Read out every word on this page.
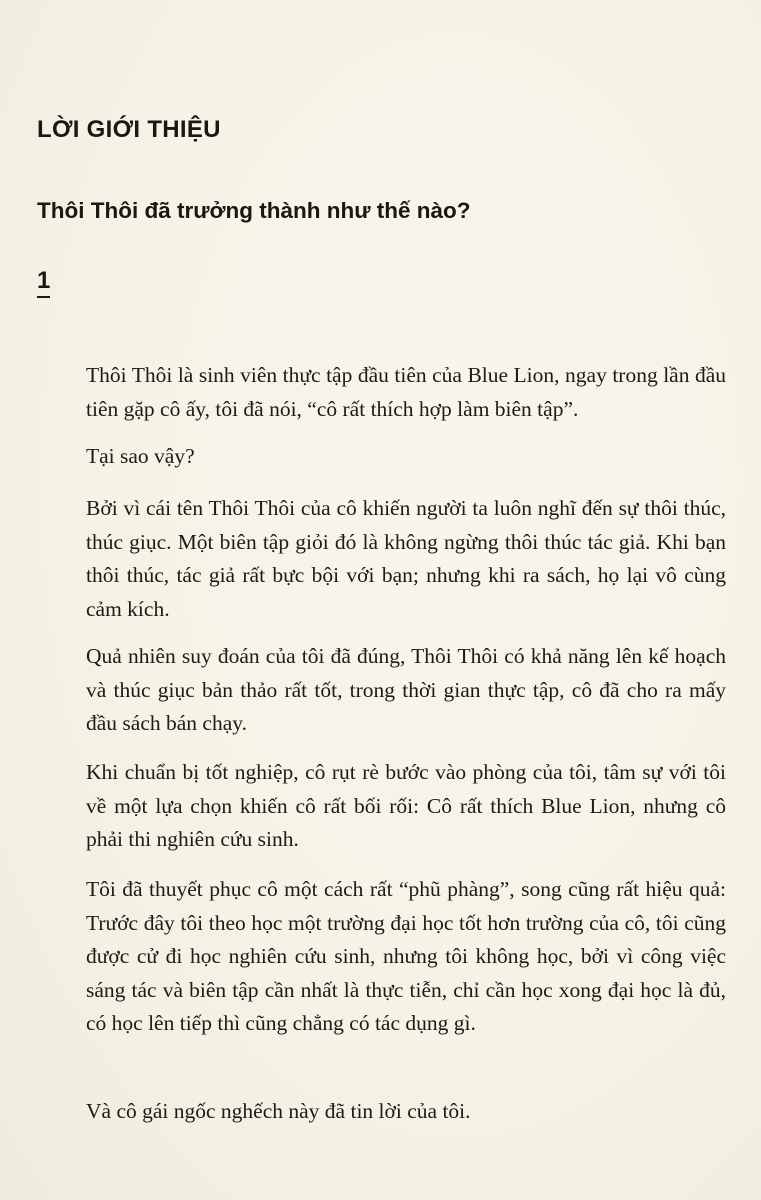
LỜI GIỚI THIỆU
Thôi Thôi đã trưởng thành như thế nào?
1

Thôi Thôi là sinh viên thực tập đầu tiên của Blue Lion, ngay trong lần đầu tiên gặp cô ấy, tôi đã nói, “cô rất thích hợp làm biên tập”.

Tại sao vậy?

Bởi vì cái tên Thôi Thôi của cô khiến người ta luôn nghĩ đến sự thôi thúc, thúc giục. Một biên tập giỏi đó là không ngừng thôi thúc tác giả. Khi bạn thôi thúc, tác giả rất bực bội với bạn; nhưng khi ra sách, họ lại vô cùng cảm kích.

Quả nhiên suy đoán của tôi đã đúng, Thôi Thôi có khả năng lên kế hoạch và thúc giục bản thảo rất tốt, trong thời gian thực tập, cô đã cho ra mấy đầu sách bán chạy.

Khi chuẩn bị tốt nghiệp, cô rụt rè bước vào phòng của tôi, tâm sự với tôi về một lựa chọn khiến cô rất bối rối: Cô rất thích Blue Lion, nhưng cô phải thi nghiên cứu sinh.

Tôi đã thuyết phục cô một cách rất “phũ phàng”, song cũng rất hiệu quả: Trước đây tôi theo học một trường đại học tốt hơn trường của cô, tôi cũng được cử đi học nghiên cứu sinh, nhưng tôi không học, bởi vì công việc sáng tác và biên tập cần nhất là thực tiễn, chỉ cần học xong đại học là đủ, có học lên tiếp thì cũng chẳng có tác dụng gì.

Và cô gái ngốc nghếch này đã tin lời của tôi.
